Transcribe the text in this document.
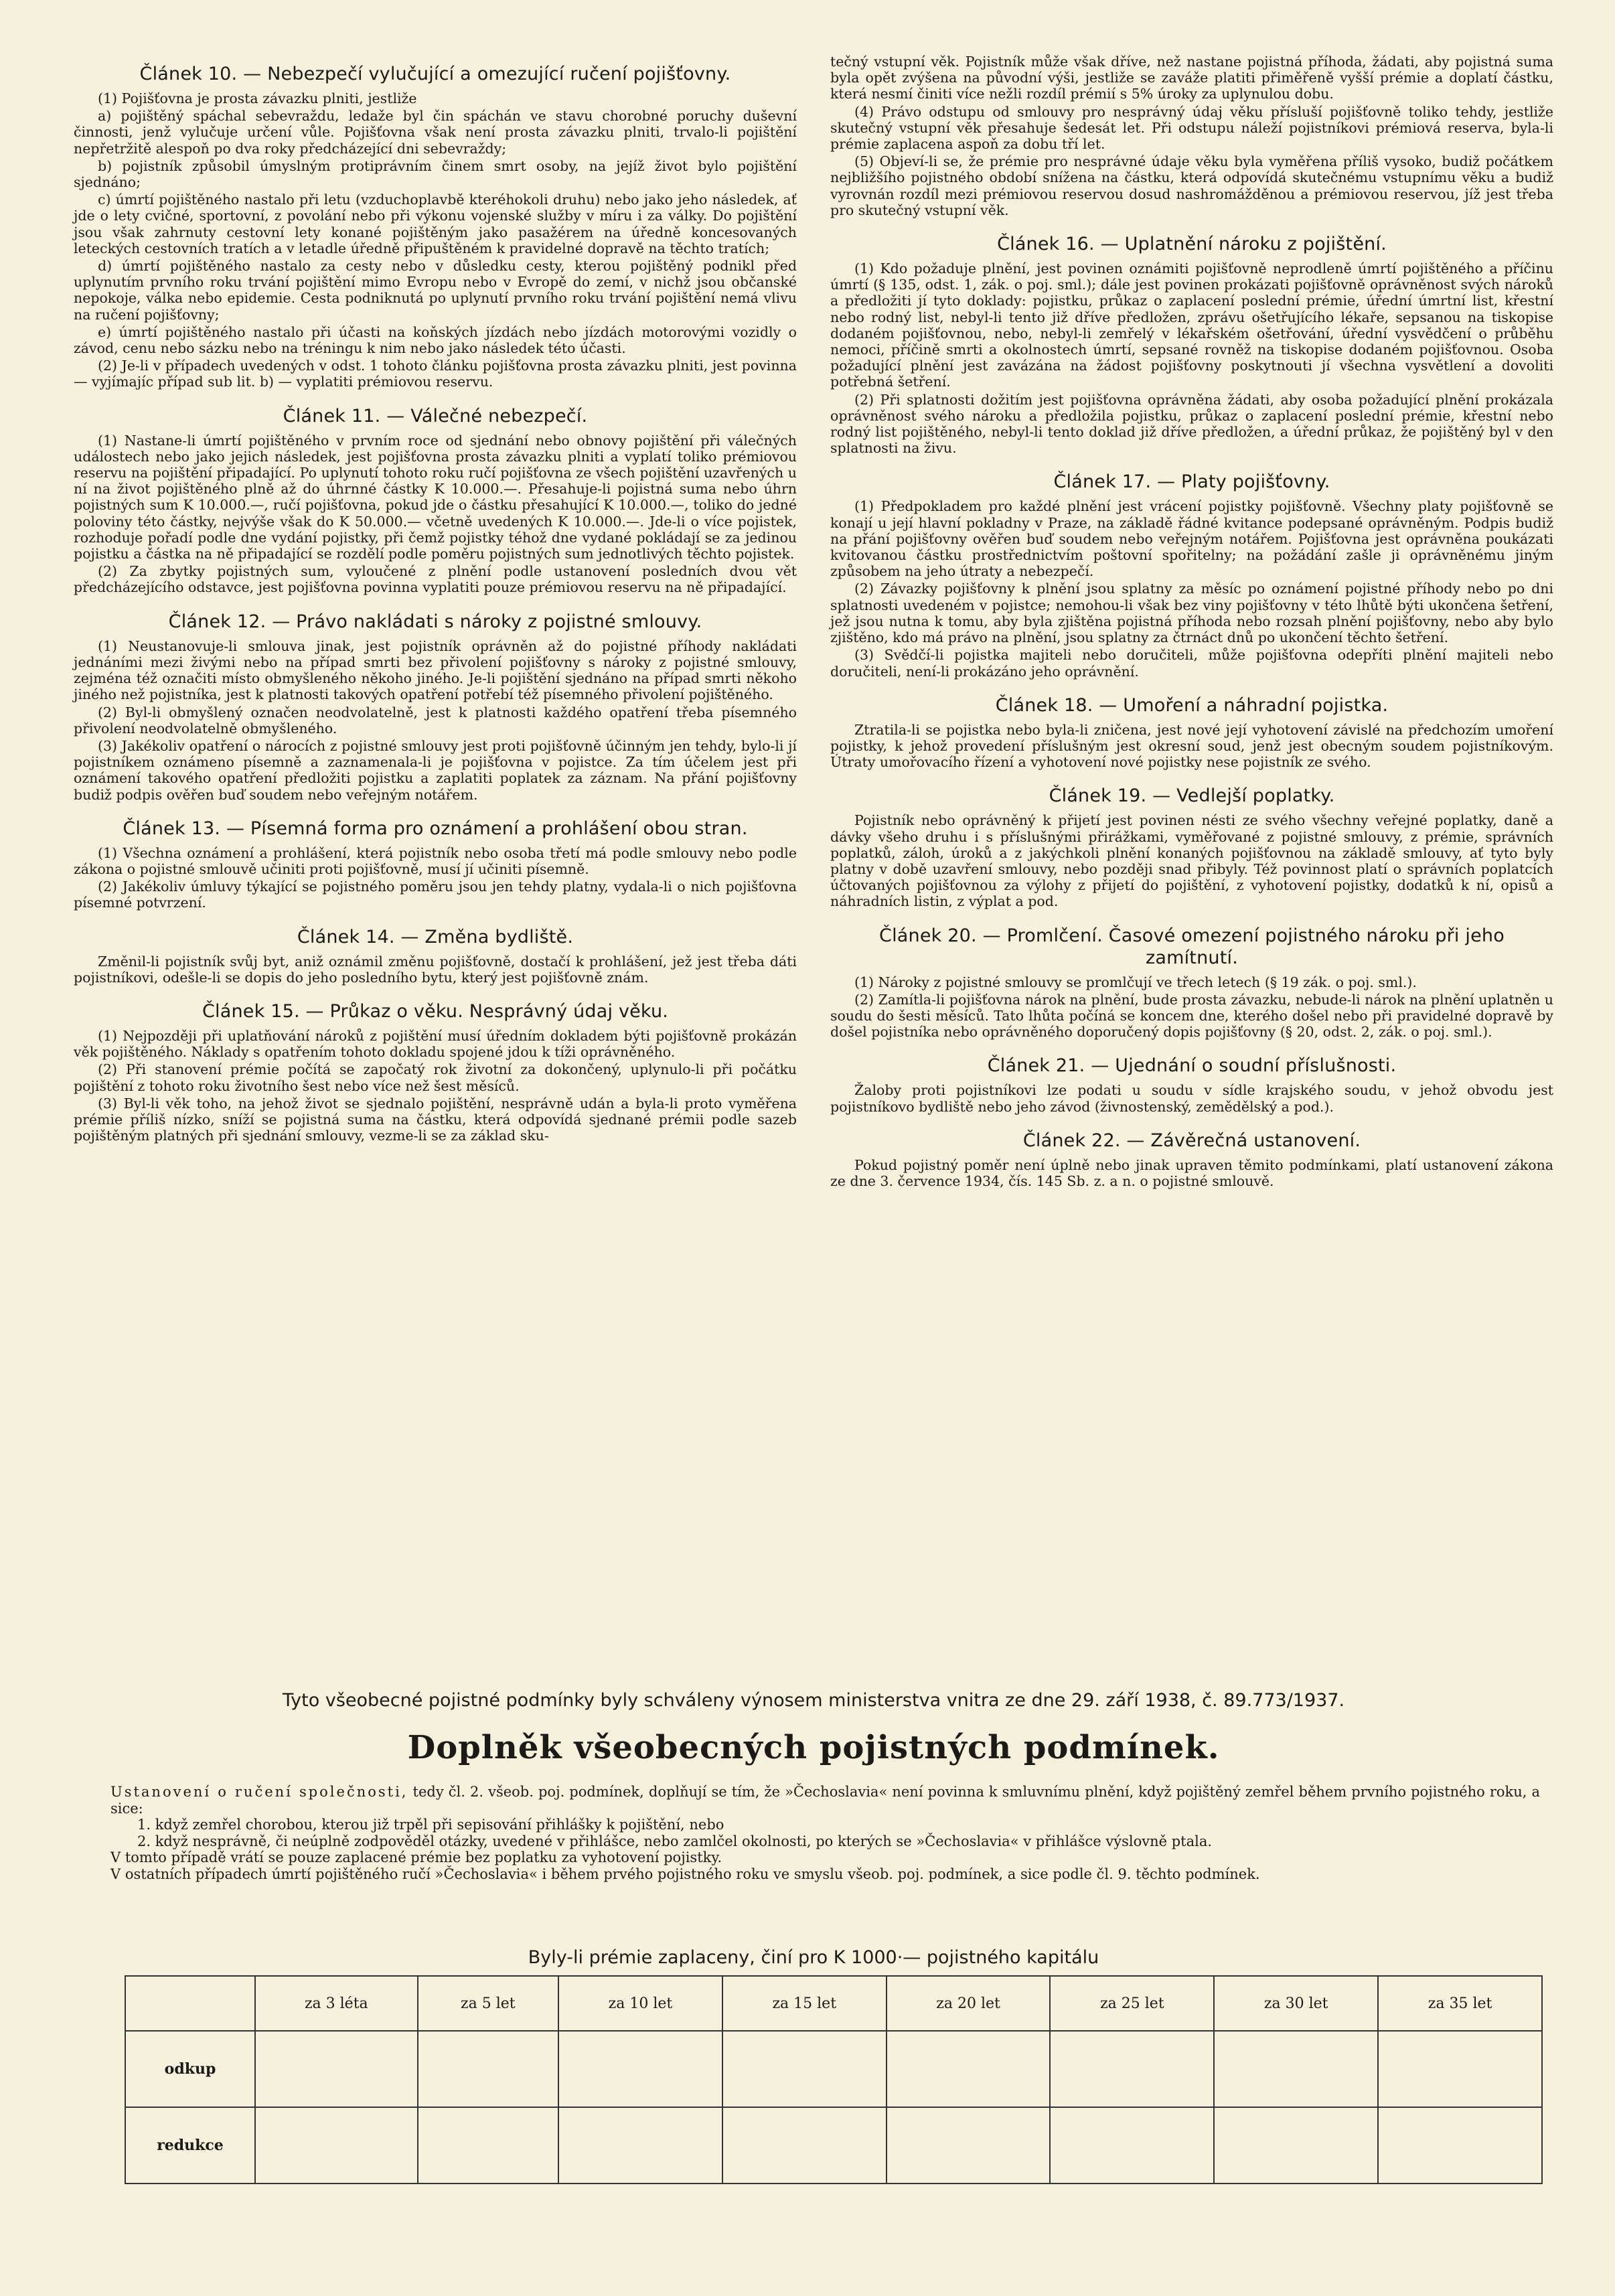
Článek 10. — Nebezpečí vylučující a omezující ručení pojišťovny.

(1) Pojišťovna je prosta závazku plniti, jestliže

a) pojištěný spáchal sebevraždu, ledaže byl čin spáchán ve stavu chorobné poruchy duševní činnosti, jenž vylučuje určení vůle. Pojišťovna však není prosta závazku plniti, trvalo-li pojištění nepřetržitě alespoň po dva roky předcházející dni sebevraždy;

b) pojistník způsobil úmyslným protiprávním činem smrt osoby, na jejíž život bylo pojištění sjednáno;

c) úmrtí pojištěného nastalo při letu (vzduchoplavbě kteréhokoli druhu) nebo jako jeho následek, ať jde o lety cvičné, sportovní, z povolání nebo při výkonu vojenské služby v míru i za války. Do pojištění jsou však zahrnuty cestovní lety konané pojištěným jako pasažérem na úředně koncesovaných leteckých cestovních tratích a v letadle úředně připuštěném k pravidelné dopravě na těchto tratích;

d) úmrtí pojištěného nastalo za cesty nebo v důsledku cesty, kterou pojištěný podnikl před uplynutím prvního roku trvání pojištění mimo Evropu nebo v Evropě do zemí, v nichž jsou občanské nepokoje, válka nebo epidemie. Cesta podniknutá po uplynutí prvního roku trvání pojištění nemá vlivu na ručení pojišťovny;

e) úmrtí pojištěného nastalo při účasti na koňských jízdách nebo jízdách motorovými vozidly o závod, cenu nebo sázku nebo na tréningu k nim nebo jako následek této účasti.

(2) Je-li v případech uvedených v odst. 1 tohoto článku pojišťovna prosta závazku plniti, jest povinna — vyjímajíc případ sub lit. b) — vyplatiti prémiovou reservu.

Článek 11. — Válečné nebezpečí.

(1) Nastane-li úmrtí pojištěného v prvním roce od sjednání nebo obnovy pojištění při válečných událostech nebo jako jejich následek, jest pojišťovna prosta závazku plniti a vyplatí toliko prémiovou reservu na pojištění připadající. Po uplynutí tohoto roku ručí pojišťovna ze všech pojištění uzavřených u ní na život pojištěného plně až do úhrnné částky K 10.000.—. Přesahuje-li pojistná suma nebo úhrn pojistných sum K 10.000.—, ručí pojišťovna, pokud jde o částku přesahující K 10.000.—, toliko do jedné poloviny této částky, nejvýše však do K 50.000.— včetně uvedených K 10.000.—. Jde-li o více pojistek, rozhoduje pořadí podle dne vydání pojistky, při čemž pojistky téhož dne vydané pokládají se za jedinou pojistku a částka na ně připadající se rozdělí podle poměru pojistných sum jednotlivých těchto pojistek.

(2) Za zbytky pojistných sum, vyloučené z plnění podle ustanovení posledních dvou vět předcházejícího odstavce, jest pojišťovna povinna vyplatiti pouze prémiovou reservu na ně připadající.

Článek 12. — Právo nakládati s nároky z pojistné smlouvy.

(1) Neustanovuje-li smlouva jinak, jest pojistník oprávněn až do pojistné příhody nakládati jednáními mezi živými nebo na případ smrti bez přivolení pojišťovny s nároky z pojistné smlouvy, zejména též označiti místo obmyšleného někoho jiného. Je-li pojištění sjednáno na případ smrti někoho jiného než pojistníka, jest k platnosti takových opatření potřebí též písemného přivolení pojištěného.

(2) Byl-li obmyšlený označen neodvolatelně, jest k platnosti každého opatření třeba písemného přivolení neodvolatelně obmyšleného.

(3) Jakékoliv opatření o nárocích z pojistné smlouvy jest proti pojišťovně účinným jen tehdy, bylo-li jí pojistníkem oznámeno písemně a zaznamenala-li je pojišťovna v pojistce. Za tím účelem jest při oznámení takového opatření předložiti pojistku a zaplatiti poplatek za záznam. Na přání pojišťovny budiž podpis ověřen buď soudem nebo veřejným notářem.

Článek 13. — Písemná forma pro oznámení a prohlášení obou stran.

(1) Všechna oznámení a prohlášení, která pojistník nebo osoba třetí má podle smlouvy nebo podle zákona o pojistné smlouvě učiniti proti pojišťovně, musí jí učiniti písemně.

(2) Jakékoliv úmluvy týkající se pojistného poměru jsou jen tehdy platny, vydala-li o nich pojišťovna písemné potvrzení.

Článek 14. — Změna bydliště.

Změnil-li pojistník svůj byt, aniž oznámil změnu pojišťovně, dostačí k prohlášení, jež jest třeba dáti pojistníkovi, odešle-li se dopis do jeho posledního bytu, který jest pojišťovně znám.

Článek 15. — Průkaz o věku. Nesprávný údaj věku.

(1) Nejpozději při uplatňování nároků z pojištění musí úředním dokladem býti pojišťovně prokázán věk pojištěného. Náklady s opatřením tohoto dokladu spojené jdou k tíži oprávněného.

(2) Při stanovení prémie počítá se započatý rok životní za dokončený, uplynulo-li při počátku pojištění z tohoto roku životního šest nebo více než šest měsíců.

(3) Byl-li věk toho, na jehož život se sjednalo pojištění, nesprávně udán a byla-li proto vyměřena prémie příliš nízko, sníží se pojistná suma na částku, která odpovídá sjednané prémii podle sazeb pojištěným platných při sjednání smlouvy, vezme-li se za základ sku-

tečný vstupní věk. Pojistník může však dříve, než nastane pojistná příhoda, žádati, aby pojistná suma byla opět zvýšena na původní výši, jestliže se zaváže platiti přiměřeně vyšší prémie a doplatí částku, která nesmí činiti více nežli rozdíl prémií s 5% úroky za uplynulou dobu.

(4) Právo odstupu od smlouvy pro nesprávný údaj věku přísluší pojišťovně toliko tehdy, jestliže skutečný vstupní věk přesahuje šedesát let. Při odstupu náleží pojistníkovi prémiová reserva, byla-li prémie zaplacena aspoň za dobu tří let.

(5) Objeví-li se, že prémie pro nesprávné údaje věku byla vyměřena příliš vysoko, budiž počátkem nejbližšího pojistného období snížena na částku, která odpovídá skutečnému vstupnímu věku a budiž vyrovnán rozdíl mezi prémiovou reservou dosud nashromážděnou a prémiovou reservou, jíž jest třeba pro skutečný vstupní věk.

Článek 16. — Uplatnění nároku z pojištění.

(1) Kdo požaduje plnění, jest povinen oznámiti pojišťovně neprodleně úmrtí pojištěného a příčinu úmrtí (§ 135, odst. 1, zák. o poj. sml.); dále jest povinen prokázati pojišťovně oprávněnost svých nároků a předložiti jí tyto doklady: pojistku, průkaz o zaplacení poslední prémie, úřední úmrtní list, křestní nebo rodný list, nebyl-li tento již dříve předložen, zprávu ošetřujícího lékaře, sepsanou na tiskopise dodaném pojišťovnou, nebo, nebyl-li zemřelý v lékařském ošetřování, úřední vysvědčení o průběhu nemoci, příčině smrti a okolnostech úmrtí, sepsané rovněž na tiskopise dodaném pojišťovnou. Osoba požadující plnění jest zavázána na žádost pojišťovny poskytnouti jí všechna vysvětlení a dovoliti potřebná šetření.

(2) Při splatnosti dožitím jest pojišťovna oprávněna žádati, aby osoba požadující plnění prokázala oprávněnost svého nároku a předložila pojistku, průkaz o zaplacení poslední prémie, křestní nebo rodný list pojištěného, nebyl-li tento doklad již dříve předložen, a úřední průkaz, že pojištěný byl v den splatnosti na živu.

Článek 17. — Platy pojišťovny.

(1) Předpokladem pro každé plnění jest vrácení pojistky pojišťovně. Všechny platy pojišťovně se konají u její hlavní pokladny v Praze, na základě řádné kvitance podepsané oprávněným. Podpis budiž na přání pojišťovny ověřen buď soudem nebo veřejným notářem. Pojišťovna jest oprávněna poukázati kvitovanou částku prostřednictvím poštovní spořitelny; na požádání zašle ji oprávněnému jiným způsobem na jeho útraty a nebezpečí.

(2) Závazky pojišťovny k plnění jsou splatny za měsíc po oznámení pojistné příhody nebo po dni splatnosti uvedeném v pojistce; nemohou-li však bez viny pojišťovny v této lhůtě býti ukončena šetření, jež jsou nutna k tomu, aby byla zjištěna pojistná příhoda nebo rozsah plnění pojišťovny, nebo aby bylo zjištěno, kdo má právo na plnění, jsou splatny za čtrnáct dnů po ukončení těchto šetření.

(3) Svědčí-li pojistka majiteli nebo doručiteli, může pojišťovna odepříti plnění majiteli nebo doručiteli, není-li prokázáno jeho oprávnění.

Článek 18. — Umoření a náhradní pojistka.

Ztratila-li se pojistka nebo byla-li zničena, jest nové její vyhotovení závislé na předchozím umoření pojistky, k jehož provedení příslušným jest okresní soud, jenž jest obecným soudem pojistníkovým. Útraty umořovacího řízení a vyhotovení nové pojistky nese pojistník ze svého.

Článek 19. — Vedlejší poplatky.

Pojistník nebo oprávněný k přijetí jest povinen nésti ze svého všechny veřejné poplatky, daně a dávky všeho druhu i s příslušnými přirážkami, vyměřované z pojistné smlouvy, z prémie, správních poplatků, záloh, úroků a z jakýchkoli plnění konaných pojišťovnou na základě smlouvy, ať tyto byly platny v době uzavření smlouvy, nebo později snad přibyly. Též povinnost platí o správních poplatcích účtovaných pojišťovnou za výlohy z přijetí do pojištění, z vyhotovení pojistky, dodatků k ní, opisů a náhradních listin, z výplat a pod.

Článek 20. — Promlčení. Časové omezení pojistného nároku při jeho zamítnutí.

(1) Nároky z pojistné smlouvy se promlčují ve třech letech (§ 19 zák. o poj. sml.).

(2) Zamítla-li pojišťovna nárok na plnění, bude prosta závazku, nebude-li nárok na plnění uplatněn u soudu do šesti měsíců. Tato lhůta počíná se koncem dne, kterého došel nebo při pravidelné dopravě by došel pojistníka nebo oprávněného doporučený dopis pojišťovny (§ 20, odst. 2, zák. o poj. sml.).

Článek 21. — Ujednání o soudní příslušnosti.

Žaloby proti pojistníkovi lze podati u soudu v sídle krajského soudu, v jehož obvodu jest pojistníkovo bydliště nebo jeho závod (živnostenský, zemědělský a pod.).

Článek 22. — Závěrečná ustanovení.

Pokud pojistný poměr není úplně nebo jinak upraven těmito podmínkami, platí ustanovení zákona ze dne 3. července 1934, čís. 145 Sb. z. a n. o pojistné smlouvě.

Tyto všeobecné pojistné podmínky byly schváleny výnosem ministerstva vnitra ze dne 29. září 1938, č. 89.773/1937.
Doplněk všeobecných pojistných podmínek.

Ustanovení o ručení společnosti, tedy čl. 2. všeob. poj. podmínek, doplňují se tím, že »Čechoslavia« není povinna k smluvnímu plnění, když pojištěný zemřel během prvního pojistného roku, a sice:

1. když zemřel chorobou, kterou již trpěl při sepisování přihlášky k pojištění, nebo

2. když nesprávně, či neúplně zodpověděl otázky, uvedené v přihlášce, nebo zamlčel okolnosti, po kterých se »Čechoslavia« v přihlášce výslovně ptala.

V tomto případě vrátí se pouze zaplacené prémie bez poplatku za vyhotovení pojistky.

V ostatních případech úmrtí pojištěného ručí »Čechoslavia« i během prvého pojistného roku ve smyslu všeob. poj. podmínek, a sice podle čl. 9. těchto podmínek.

Byly-li prémie zaplaceny, činí pro K 1000·— pojistného kapitálu
	za 3 léta	za 5 let	za 10 let	za 15 let	za 20 let	za 25 let	za 30 let	za 35 let
odkup								
redukce								
